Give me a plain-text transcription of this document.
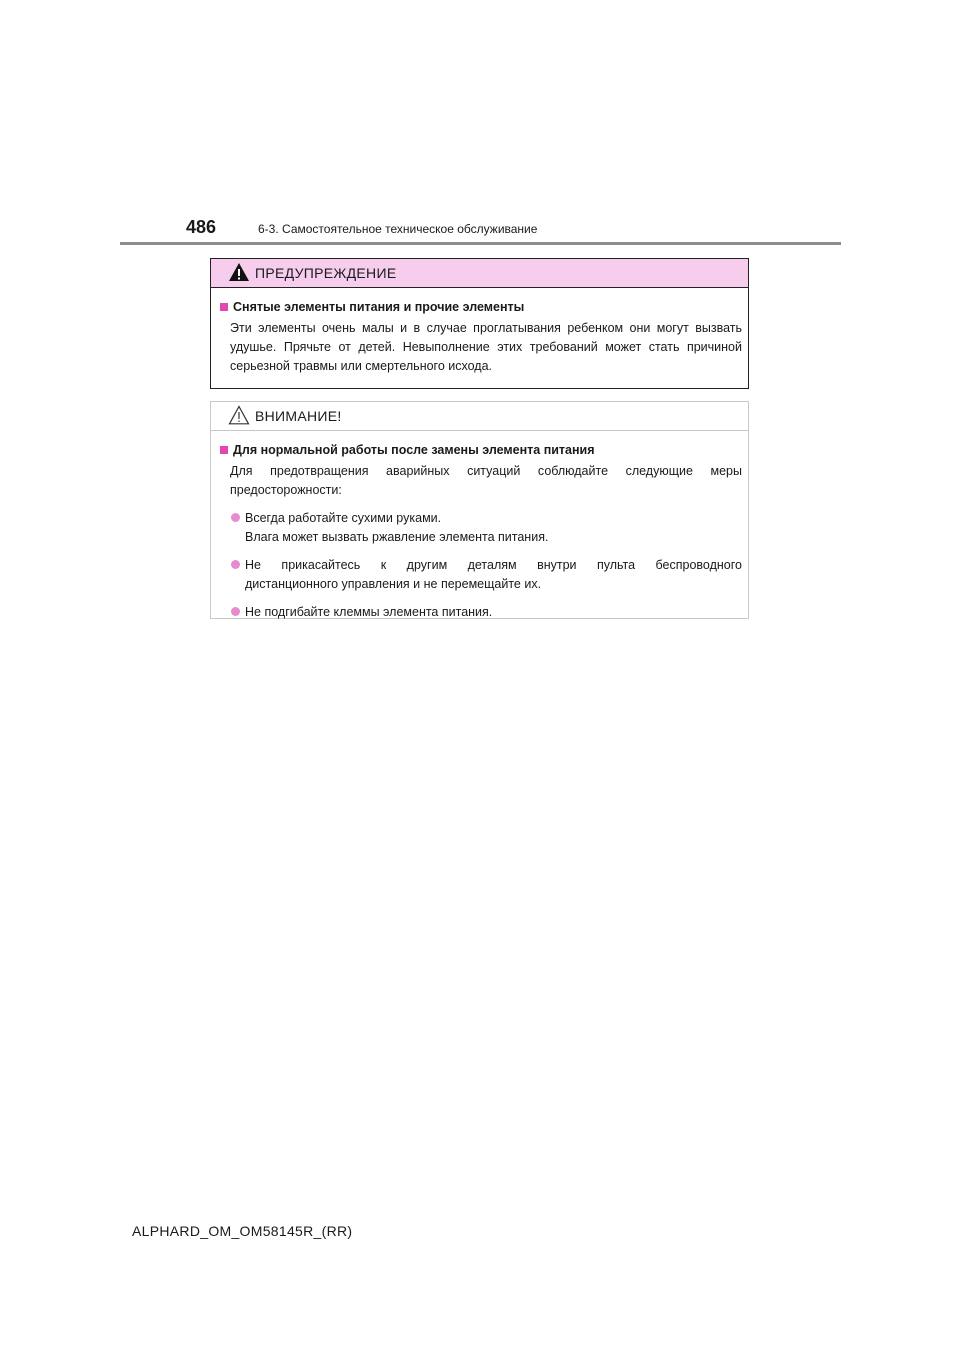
486	6-3. Самостоятельное техническое обслуживание
ПРЕДУПРЕЖДЕНИЕ
Снятые элементы питания и прочие элементы
Эти элементы очень малы и в случае проглатывания ребенком они могут вызвать удушье. Прячьте от детей. Невыполнение этих требований может стать причиной серьезной травмы или смертельного исхода.
ВНИМАНИЕ!
Для нормальной работы после замены элемента питания
Для предотвращения аварийных ситуаций соблюдайте следующие меры предосторожности:
Всегда работайте сухими руками.
Влага может вызвать ржавление элемента питания.
Не прикасайтесь к другим деталям внутри пульта беспроводного
дистанционного управления и не перемещайте их.
Не подгибайте клеммы элемента питания.
ALPHARD_OM_OM58145R_(RR)
